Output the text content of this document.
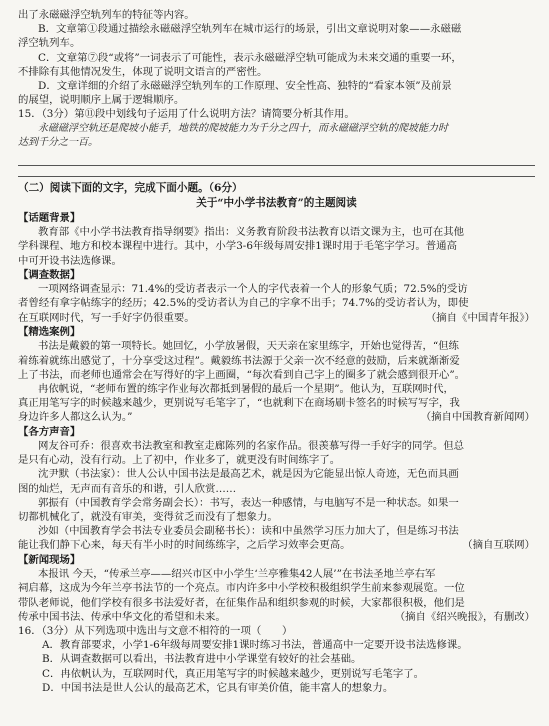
出了永磁磁浮空轨列车的特征等内容。
B．文章第①段通过描绘永磁磁浮空轨列车在城市运行的场景，引出文章说明对象——永磁磁
浮空轨列车。
C．文章第⑦段“或将”一词表示了可能性，表示永磁磁浮空轨可能成为未来交通的重要一环，
不排除有其他情况发生，体现了说明文语言的严密性。
D．文章详细的介绍了永磁磁浮空轨列车的工作原理、安全性高、独特的“看家本领”及前景
的展望，说明顺序上属于逻辑顺序。
15．（3分）第⑪段中划线句子运用了什么说明方法？请简要分析其作用。
永磁磁浮空轨还是爬坡小能手，地铁的爬坡能力为千分之四十，而永磁磁浮空轨的爬坡能力时
达到千分之一百。
（二）阅读下面的文字，完成下面小题。（6分）
关于“中小学书法教育”的主题阅读
【话题背景】
教育部《中小学书法教育指导纲要》指出：义务教育阶段书法教育以语文课为主，也可在其他
学科课程、地方和校本课程中进行。其中，小学3-6年级每周安排1课时用于毛笔字学习。普通高
中可开设书法选修课。
【调查数据】
一项网络调查显示：71.4%的受访者表示一个人的字代表着一个人的形象气质；72.5%的受访
者曾经有拿字帖练字的经历；42.5%的受访者认为自己的字拿不出手；74.7%的受访者认为，即使
在互联网时代，写一手好字仍很重要。	（摘自《中国青年报》）
【精选案例】
书法是戴毅的第一项特长。她回忆，小学放暑假，天天亲在家里练字，开始也觉得苦，“但练
着练着就练出感觉了，十分享受这过程”。戴毅练书法源于父亲一次不经意的鼓励，后来就渐渐爱
上了书法，而老师也通常会在写得好的字上画圈，“每次看到自己字上的圈多了就会感到很开心”。
冉依帆说，“老师布置的练字作业每次都抵到暑假的最后一个星期”。他认为，互联网时代，
真正用笔写字的时候越来越少，更别说写毛笔字了，“也就剩下在商场刷卡签名的时候写写字，我
身边许多人都这么认为。”	（摘自中国教育新闻网）
【各方声音】
网友谷可乔：很喜欢书法教室和教室走廊陈列的名家作品。很羡慕写得一手好字的同学。但总
是只有心动，没有行动。上了初中，作业多了，就更没有时间练字了。
沈尹默（书法家）：世人公认中国书法是最高艺术，就是因为它能显出惊人奇迹，无色而具画
图的灿烂，无声而有音乐的和谐，引人欣赏……
郭振有（中国教育学会常务副会长）：书写，表达一种感情，与电脑写不是一种状态。如果一
切都机械化了，就没有审美，变得贫乏而没有了想象力。
沙如（中国教育学会书法专业委员会副秘书长）：读和中虽然学习压力加大了，但是练习书法
能让我们静下心来，每天有半小时的时间练练字，之后学习效率会更高。	（摘自互联网）
【新闻现场】
本报讯 今天，“传承兰亭——绍兴市区中小学生‘兰亭雅集42人展’”在书法圣地兰亭右军
祠启幕，这成为今年兰亭书法节的一个亮点。市内许多中小学校积极组织学生前来参观展览。一位
带队老师说，他们学校有很多书法爱好者，在征集作品和组织参观的时候，大家都很积极，他们是
传承中国书法、传承中华文化的希望和未来。	（摘自《绍兴晚报》，有删改）
16．（3分）从下列选项中选出与文意不相符的一项（　　）
A．教育部要求，小学1-6年级每周要安排1课时练习书法，普通高中一定要开设书法选修课。
B．从调查数据可以看出，书法教育进中小学课堂有较好的社会基础。
C．冉依帆认为，互联网时代，真正用笔写字的时候越来越少，更别说写毛笔字了。
D．中国书法是世人公认的最高艺术，它具有审美价值，能丰富人的想象力。
